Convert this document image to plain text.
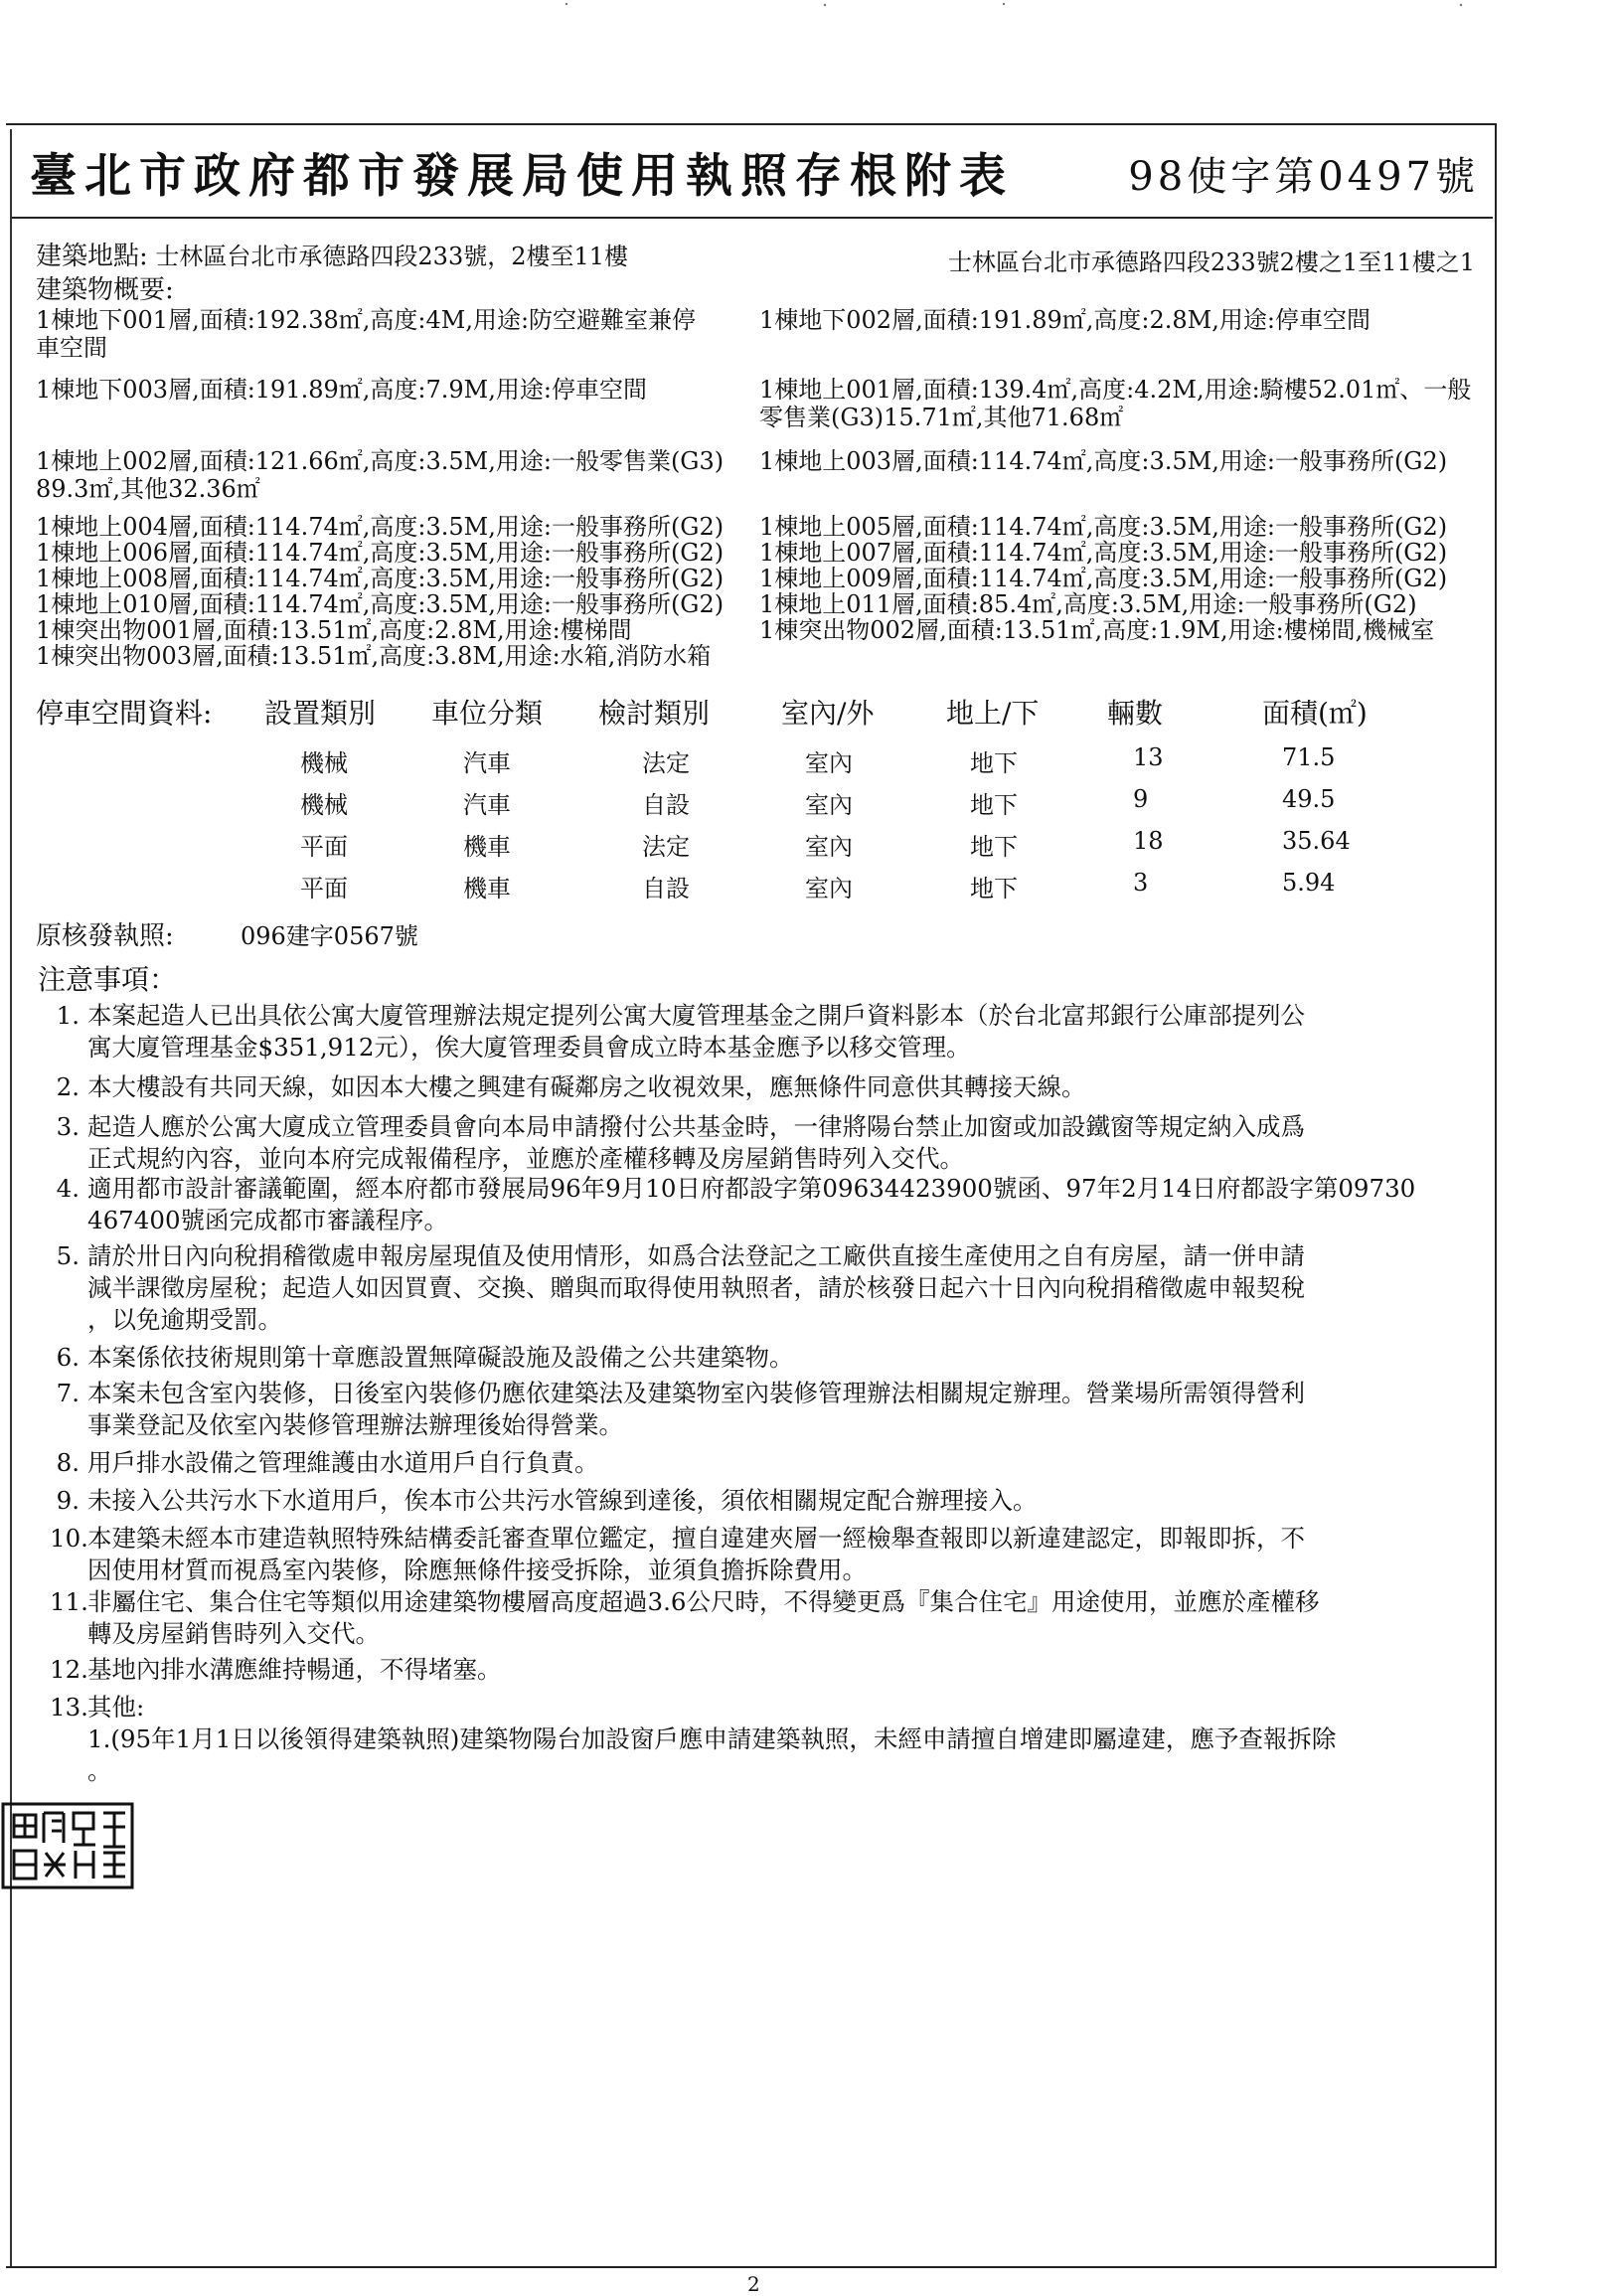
臺北市政府都市發展局使用執照存根附表	98使字第0497號
建築地點: 士林區台北市承德路四段233號，2樓至11樓	士林區台北市承德路四段233號2樓之1至11樓之1
建築物概要:
1棟地下001層,面積:192.38㎡,高度:4M,用途:防空避難室兼停	1棟地下002層,面積:191.89㎡,高度:2.8M,用途:停車空間
車空間
1棟地下003層,面積:191.89㎡,高度:7.9M,用途:停車空間	1棟地上001層,面積:139.4㎡,高度:4.2M,用途:騎樓52.01㎡、一般
零售業(G3)15.71㎡,其他71.68㎡
1棟地上002層,面積:121.66㎡,高度:3.5M,用途:一般零售業(G3) 1棟地上003層,面積:114.74㎡,高度:3.5M,用途:一般事務所(G2)
89.3㎡,其他32.36㎡
1棟地上004層,面積:114.74㎡,高度:3.5M,用途:一般事務所(G2) 1棟地上005層,面積:114.74㎡,高度:3.5M,用途:一般事務所(G2)
1棟地上006層,面積:114.74㎡,高度:3.5M,用途:一般事務所(G2) 1棟地上007層,面積:114.74㎡,高度:3.5M,用途:一般事務所(G2)
1棟地上008層,面積:114.74㎡,高度:3.5M,用途:一般事務所(G2) 1棟地上009層,面積:114.74㎡,高度:3.5M,用途:一般事務所(G2)
1棟地上010層,面積:114.74㎡,高度:3.5M,用途:一般事務所(G2) 1棟地上011層,面積:85.4㎡,高度:3.5M,用途:一般事務所(G2)
1棟突出物001層,面積:13.51㎡,高度:2.8M,用途:樓梯間	1棟突出物002層,面積:13.51㎡,高度:1.9M,用途:樓梯間,機械室
1棟突出物003層,面積:13.51㎡,高度:3.8M,用途:水箱,消防水箱
停車空間資料: 設置類別 車位分類 檢討類別	室內/外	地上/下 輛數	面積(㎡)
機械	汽車	法定	室內	地下	13	71.5
機械	汽車	自設	室內	地下	9	49.5
平面	機車	法定	室內	地下	18	35.64
平面	機車	自設	室內	地下	3	5.94
原核發執照:	096建字0567號
注意事項：
1. 本案起造人已出具依公寓大廈管理辦法規定提列公寓大廈管理基金之開戶資料影本（於台北富邦銀行公庫部提列公
寓大廈管理基金$351,912元），俟大廈管理委員會成立時本基金應予以移交管理。
2. 本大樓設有共同天線，如因本大樓之興建有礙鄰房之收視效果，應無條件同意供其轉接天線。
3. 起造人應於公寓大廈成立管理委員會向本局申請撥付公共基金時，一律將陽台禁止加窗或加設鐵窗等規定納入成爲
正式規約內容，並向本府完成報備程序，並應於產權移轉及房屋銷售時列入交代。
4. 適用都市設計審議範圍，經本府都市發展局96年9月10日府都設字第09634423900號函、97年2月14日府都設字第09730
467400號函完成都市審議程序。
5. 請於卅日內向稅捐稽徵處申報房屋現值及使用情形，如爲合法登記之工廠供直接生產使用之自有房屋，請一併申請
減半課徵房屋稅；起造人如因買賣、交換、贈與而取得使用執照者，請於核發日起六十日內向稅捐稽徵處申報契稅
，以免逾期受罰。
6. 本案係依技術規則第十章應設置無障礙設施及設備之公共建築物。
7. 本案未包含室內裝修，日後室內裝修仍應依建築法及建築物室內裝修管理辦法相關規定辦理。營業場所需領得營利
事業登記及依室內裝修管理辦法辦理後始得營業。
8. 用戶排水設備之管理維護由水道用戶自行負責。
9. 未接入公共污水下水道用戶，俟本市公共污水管線到達後，須依相關規定配合辦理接入。
10. 本建築未經本市建造執照特殊結構委託審查單位鑑定，擅自違建夾層一經檢舉查報即以新違建認定，即報即拆，不
因使用材質而視爲室內裝修，除應無條件接受拆除，並須負擔拆除費用。
11. 非屬住宅、集合住宅等類似用途建築物樓層高度超過3.6公尺時，不得變更爲『集合住宅』用途使用，並應於產權移
轉及房屋銷售時列入交代。
12. 基地內排水溝應維持暢通，不得堵塞。
13. 其他:
1.(95年1月1日以後領得建築執照)建築物陽台加設窗戶應申請建築執照，未經申請擅自增建即屬違建，應予查報拆除
。
2
